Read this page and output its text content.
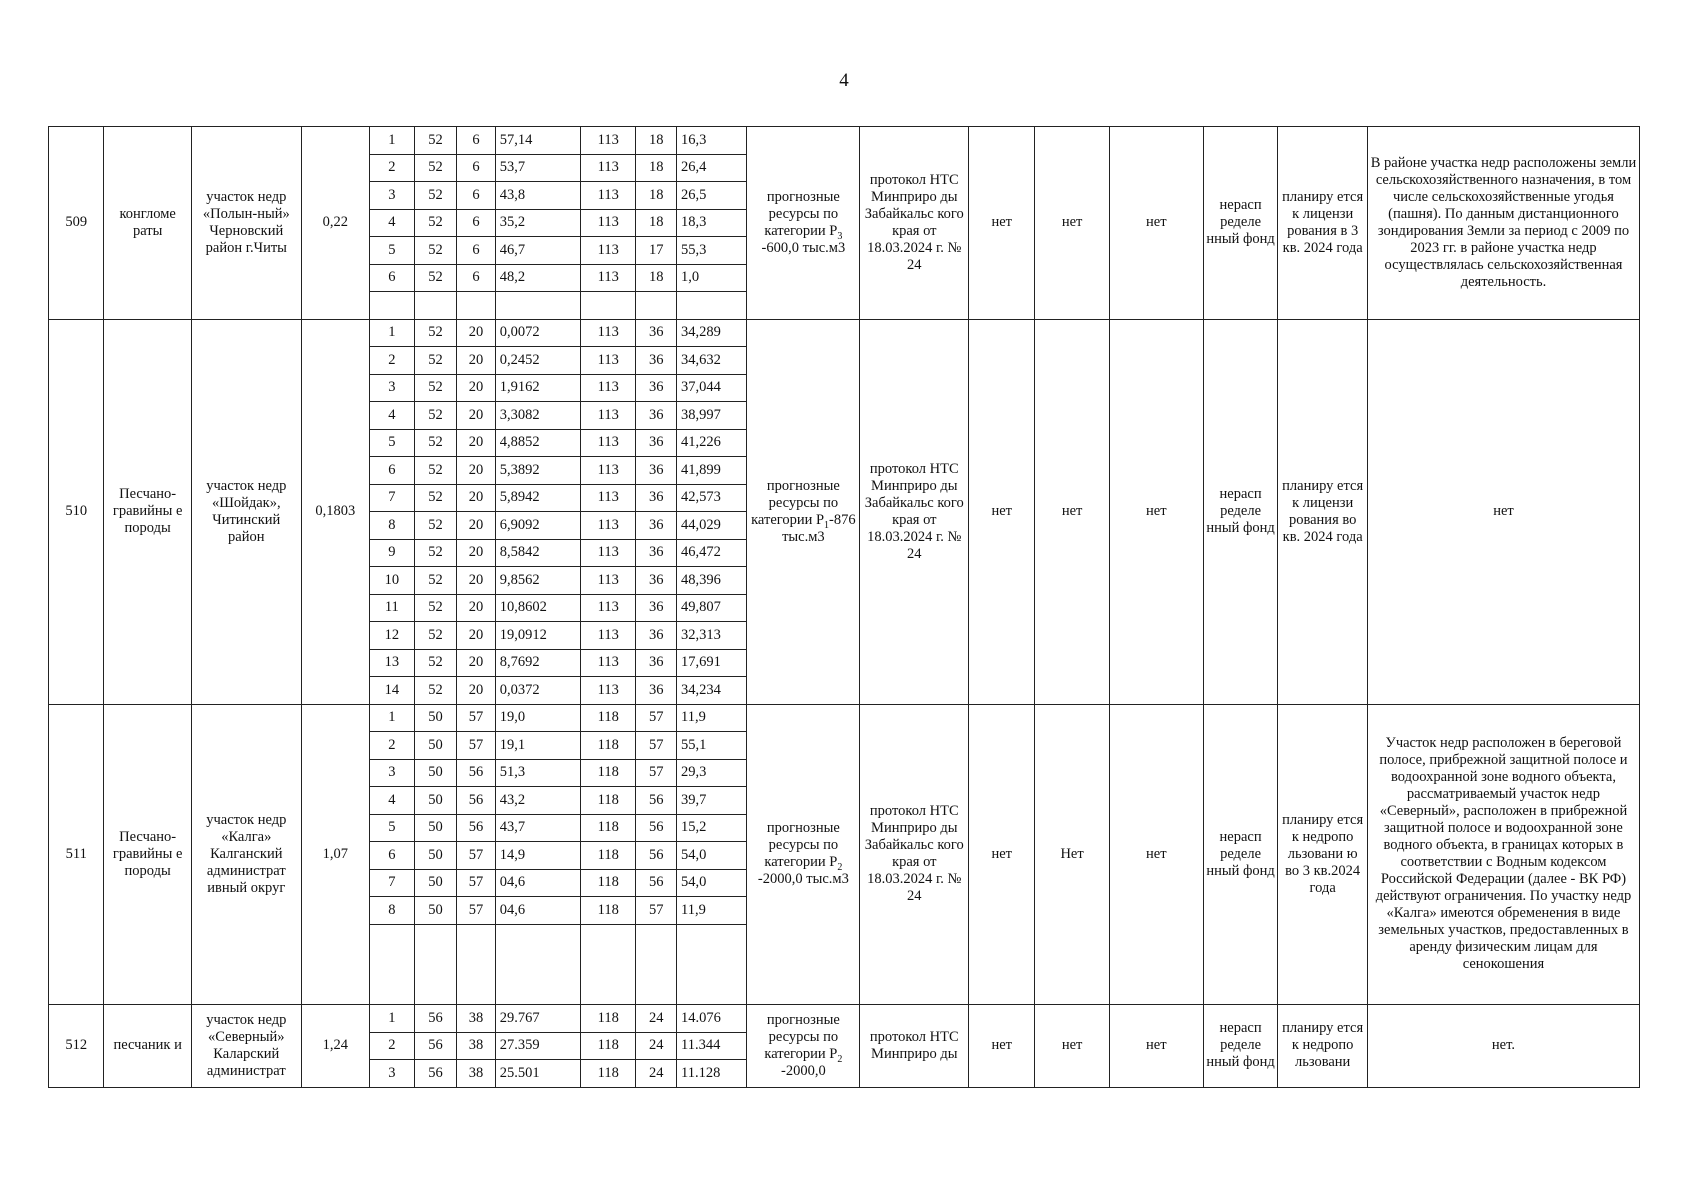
4
509	конгломе раты	участок недр «Полын-ный» Черновский район г.Читы	0,22	1	52	6	57,14	113	18	16,3	прогнозные ресурсы по категории $P_3$ -600,0 тыс.м3	протокол НТС Минприро ды Забайкальс кого края от 18.03.2024 г. № 24	нет	нет	нет	нерасп ределе нный фонд	планиру ется к лицензи рования в 3 кв. 2024 года	В районе участка недр расположены земли сельскохозяйственного назначения, в том числе сельскохозяйственные угодья (пашня). По данным дистанционного зондирования Земли за период с 2009 по 2023 гг. в районе участка недр осуществлялась сельскохозяйственная деятельность.
				2	52	6	53,7	113	18	26,4								
				3	52	6	43,8	113	18	26,5								
				4	52	6	35,2	113	18	18,3								
				5	52	6	46,7	113	17	55,3								
				6	52	6	48,2	113	18	1,0								

510	Песчано-гравийны е породы	участок недр «Шойдак», Читинский район	0,1803	1	52	20	0,0072	113	36	34,289	прогнозные ресурсы по категории $P_1-876$ тыс.м3	протокол НТС Минприро ды Забайкальс кого края от 18.03.2024 г. № 24	нет	нет	нет	нерасп ределе нный фонд	планиру ется к лицензи рования во кв. 2024 года	нет
				2	52	20	0,2452	113	36	34,632								
				3	52	20	1,9162	113	36	37,044								
				4	52	20	3,3082	113	36	38,997								
				5	52	20	4,8852	113	36	41,226								
				6	52	20	5,3892	113	36	41,899								
				7	52	20	5,8942	113	36	42,573								
				8	52	20	6,9092	113	36	44,029								
				9	52	20	8,5842	113	36	46,472								
				10	52	20	9,8562	113	36	48,396								
				11	52	20	10,8602	113	36	49,807								
				12	52	20	19,0912	113	36	32,313								
				13	52	20	8,7692	113	36	17,691								
				14	52	20	0,0372	113	36	34,234								
511	Песчано-гравийны е породы	участок недр «Калга» Калганский администрат ивный округ	1,07	1	50	57	19,0	118	57	11,9	прогнозные ресурсы по категории $P_2$ -2000,0 тыс.м3	протокол НТС Минприро ды Забайкальс кого края от 18.03.2024 г. № 24	нет	Нет	нет	нерасп ределе нный фонд	планиру ется к недропо льзовани ю во 3 кв.2024 года	Участок недр расположен в береговой полосе, прибрежной защитной полосе и водоохранной зоне водного объекта, рассматриваемый участок недр «Северный», расположен в прибрежной защитной полосе и водоохранной зоне водного объекта, в границах которых в соответствии с Водным кодексом Российской Федерации (далее - ВК РФ) действуют ограничения. По участку недр «Калга» имеются обременения в виде земельных участков, предоставленных в аренду физическим лицам для сенокошения
				2	50	57	19,1	118	57	55,1								
				3	50	56	51,3	118	57	29,3								
				4	50	56	43,2	118	56	39,7								
				5	50	56	43,7	118	56	15,2								
				6	50	57	14,9	118	56	54,0								
				7	50	57	04,6	118	56	54,0								
				8	50	57	04,6	118	57	11,9								

512	песчаник и	участок недр «Северный» Каларский администрат	1,24	1	56	38	29.767	118	24	14.076	прогнозные ресурсы по категории $P_2$ -2000,0	протокол НТС Минприро ды	нет	нет	нет	нерасп ределе нный фонд	планиру ется к недропо льзовани	нет.
				2	56	38	27.359	118	24	11.344								
				3	56	38	25.501	118	24	11.128								
